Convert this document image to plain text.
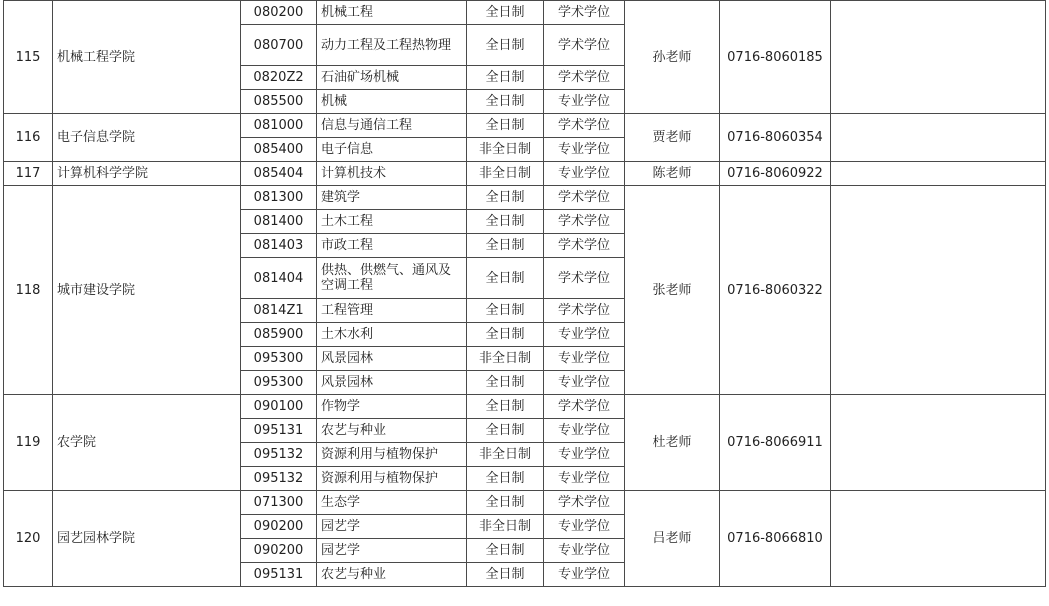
115	机械工程学院	080200	机械工程	全日制	学术学位	孙老师	0716-8060185	
		080700	动力工程及工程热物理	全日制	学术学位			
		0820Z2	石油矿场机械	全日制	学术学位			
		085500	机械	全日制	专业学位			
116	电子信息学院	081000	信息与通信工程	全日制	学术学位	贾老师	0716-8060354	
		085400	电子信息	非全日制	专业学位			
117	计算机科学学院	085404	计算机技术	非全日制	专业学位	陈老师	0716-8060922	
118	城市建设学院	081300	建筑学	全日制	学术学位	张老师	0716-8060322	
		081400	土木工程	全日制	学术学位			
		081403	市政工程	全日制	学术学位			
		081404	供热、供燃气、通风及空调工程	全日制	学术学位			
		0814Z1	工程管理	全日制	学术学位			
		085900	土木水利	全日制	专业学位			
		095300	风景园林	非全日制	专业学位			
		095300	风景园林	全日制	专业学位			
119	农学院	090100	作物学	全日制	学术学位	杜老师	0716-8066911	
		095131	农艺与种业	全日制	专业学位			
		095132	资源利用与植物保护	非全日制	专业学位			
		095132	资源利用与植物保护	全日制	专业学位			
120	园艺园林学院	071300	生态学	全日制	学术学位	吕老师	0716-8066810	
		090200	园艺学	非全日制	专业学位			
		090200	园艺学	全日制	专业学位			
		095131	农艺与种业	全日制	专业学位			
